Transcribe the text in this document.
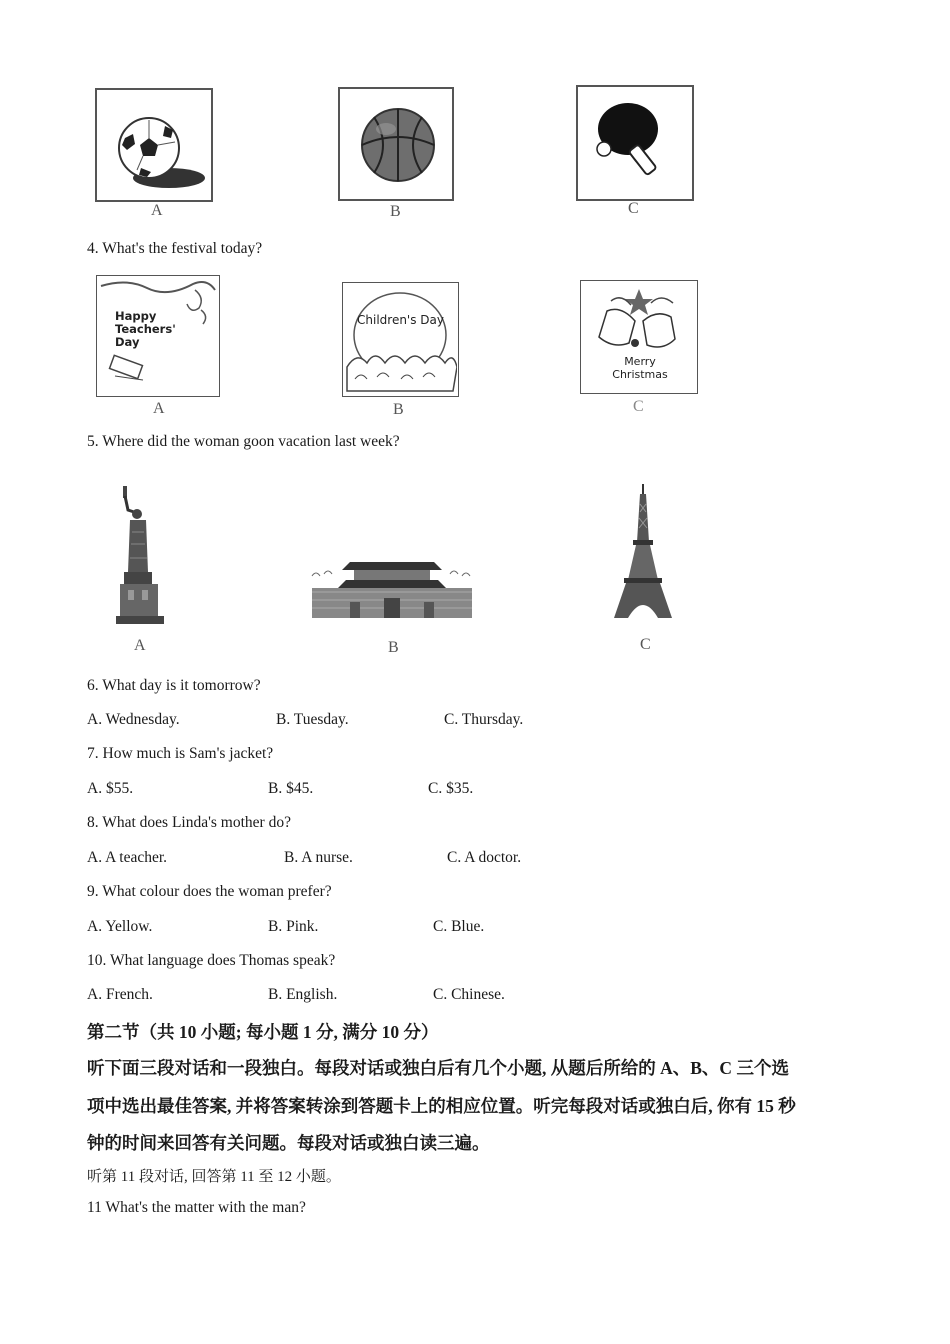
A	B	C
4. What's the festival today?
Happy Teachers' Day
A
Children's Day
B
Merry Christmas
C
5. Where did the woman goon vacation last week?
A	B	C
6. What day is it tomorrow?
A. Wednesday.	B. Tuesday.	C. Thursday.
7. How much is Sam's jacket?
A. $55.	B. $45.	C. $35.
8. What does Linda's mother do?
A. A teacher.	B. A nurse.	C. A doctor.
9. What colour does the woman prefer?
A. Yellow.	B. Pink.	C. Blue.
10. What language does Thomas speak?
A. French.	B. English.	C. Chinese.
第二节（共 10 小题; 每小题 1 分, 满分 10 分）
听下面三段对话和一段独白。每段对话或独白后有几个小题, 从题后所给的 A、B、C 三个选
项中选出最佳答案, 并将答案转涂到答题卡上的相应位置。听完每段对话或独白后, 你有 15 秒
钟的时间来回答有关问题。每段对话或独白读三遍。
听第 11 段对话, 回答第 11 至 12 小题。
11 What's the matter with the man?
